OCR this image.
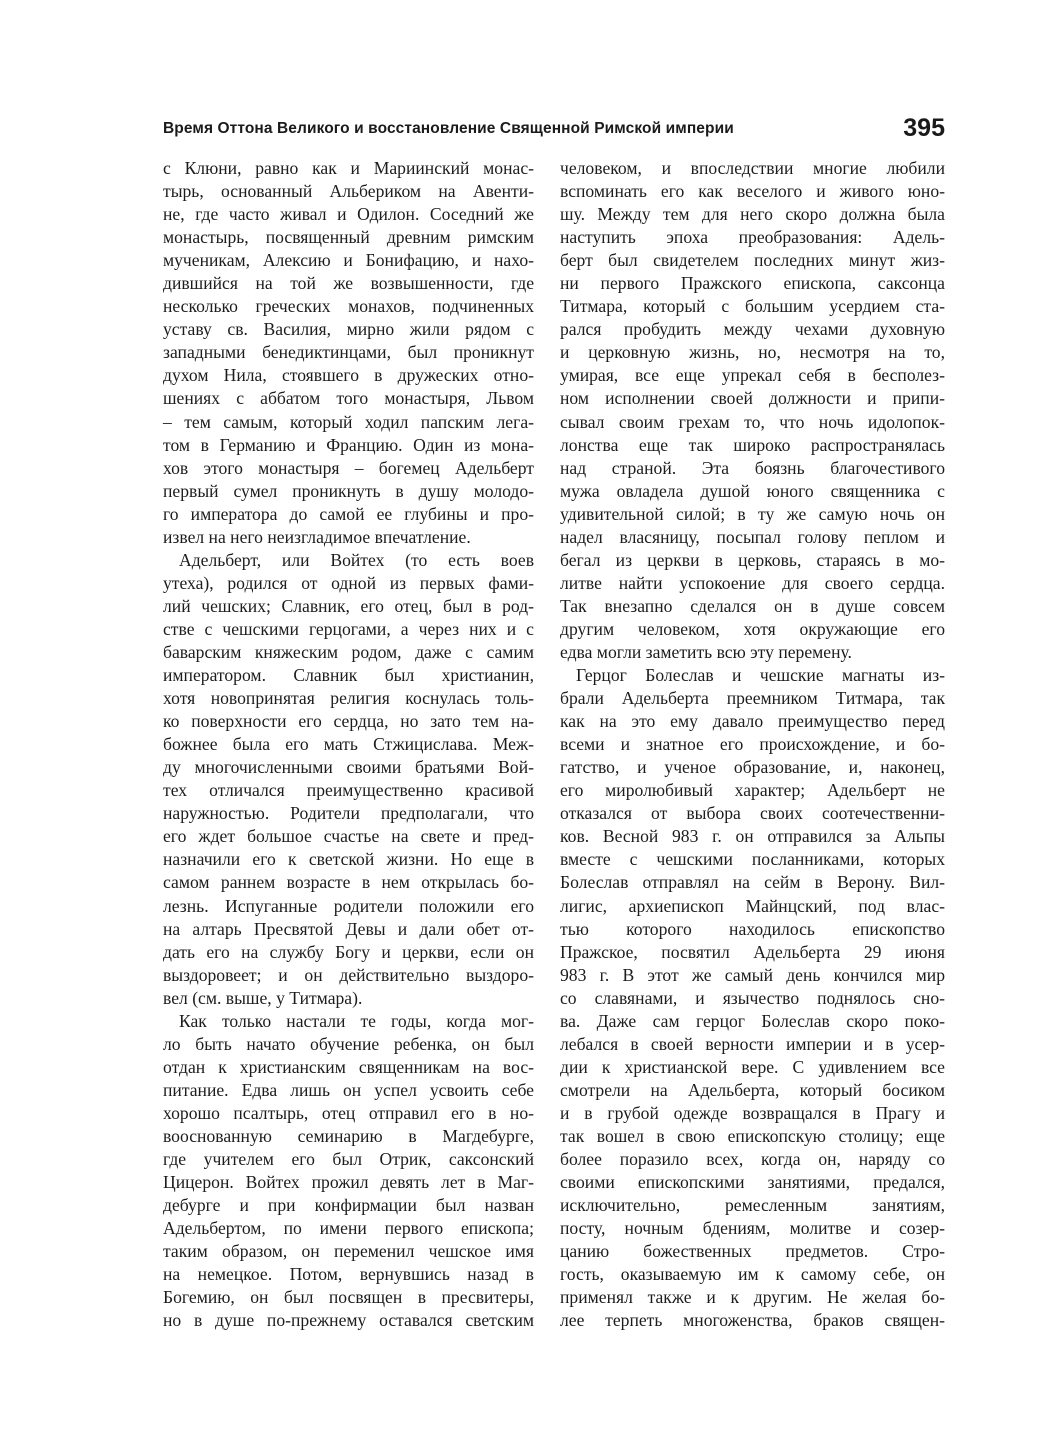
Время Оттона Великого и восстановление Священной Римской империи	395
с Клюни, равно как и Мариинский монас-
тырь, основанный Альбериком на Авенти-
не, где часто живал и Одилон. Соседний же
монастырь, посвященный древним римским
мученикам, Алексию и Бонифацию, и нахо-
дившийся на той же возвышенности, где
несколько греческих монахов, подчиненных
уставу св. Василия, мирно жили рядом с
западными бенедиктинцами, был проникнут
духом Нила, стоявшего в дружеских отно-
шениях с аббатом того монастыря, Львом
– тем самым, который ходил папским лега-
том в Германию и Францию. Один из мона-
хов этого монастыря – богемец Адельберт
первый сумел проникнуть в душу молодо-
го императора до самой ее глубины и про-
извел на него неизгладимое впечатление.
Адельберт, или Войтех (то есть воев
утеха), родился от одной из первых фами-
лий чешских; Славник, его отец, был в род-
стве с чешскими герцогами, а через них и с
баварским княжеским родом, даже с самим
императором. Славник был христианин,
хотя новопринятая религия коснулась толь-
ко поверхности его сердца, но зато тем на-
божнее была его мать Стжицислава. Меж-
ду многочисленными своими братьями Вой-
тех отличался преимущественно красивой
наружностью. Родители предполагали, что
его ждет большое счастье на свете и пред-
назначили его к светской жизни. Но еще в
самом раннем возрасте в нем открылась бо-
лезнь. Испуганные родители положили его
на алтарь Пресвятой Девы и дали обет от-
дать его на службу Богу и церкви, если он
выздоровеет; и он действительно выздоро-
вел (см. выше, у Титмара).
Как только настали те годы, когда мог-
ло быть начато обучение ребенка, он был
отдан к христианским священникам на вос-
питание. Едва лишь он успел усвоить себе
хорошо псалтырь, отец отправил его в но-
вооснованную семинарию в Магдебурге,
где учителем его был Отрик, саксонский
Цицерон. Войтех прожил девять лет в Маг-
дебурге и при конфирмации был назван
Адельбертом, по имени первого епископа;
таким образом, он переменил чешское имя
на немецкое. Потом, вернувшись назад в
Богемию, он был посвящен в пресвитеры,
но в душе по-прежнему оставался светским
человеком, и впоследствии многие любили
вспоминать его как веселого и живого юно-
шу. Между тем для него скоро должна была
наступить эпоха преобразования: Адель-
берт был свидетелем последних минут жиз-
ни первого Пражского епископа, саксонца
Титмара, который с большим усердием ста-
рался пробудить между чехами духовную
и церковную жизнь, но, несмотря на то,
умирая, все еще упрекал себя в бесполез-
ном исполнении своей должности и припи-
сывал своим грехам то, что ночь идолопок-
лонства еще так широко распространялась
над страной. Эта боязнь благочестивого
мужа овладела душой юного священника с
удивительной силой; в ту же самую ночь он
надел власяницу, посыпал голову пеплом и
бегал из церкви в церковь, стараясь в мо-
литве найти успокоение для своего сердца.
Так внезапно сделался он в душе совсем
другим человеком, хотя окружающие его
едва могли заметить всю эту перемену.
Герцог Болеслав и чешские магнаты из-
брали Адельберта преемником Титмара, так
как на это ему давало преимущество перед
всеми и знатное его происхождение, и бо-
гатство, и ученое образование, и, наконец,
его миролюбивый характер; Адельберт не
отказался от выбора своих соотечественни-
ков. Весной 983 г. он отправился за Альпы
вместе с чешскими посланниками, которых
Болеслав отправлял на сейм в Верону. Вил-
лигис, архиепископ Майнцский, под влас-
тью которого находилось епископство
Пражское, посвятил Адельберта 29 июня
983 г. В этот же самый день кончился мир
со славянами, и язычество поднялось сно-
ва. Даже сам герцог Болеслав скоро поко-
лебался в своей верности империи и в усер-
дии к христианской вере. С удивлением все
смотрели на Адельберта, который босиком
и в грубой одежде возвращался в Прагу и
так вошел в свою епископскую столицу; еще
более поразило всех, когда он, наряду со
своими епископскими занятиями, предался,
исключительно, ремесленным занятиям,
посту, ночным бдениям, молитве и созер-
цанию божественных предметов. Стро-
гость, оказываемую им к самому себе, он
применял также и к другим. Не желая бо-
лее терпеть многоженства, браков священ-
